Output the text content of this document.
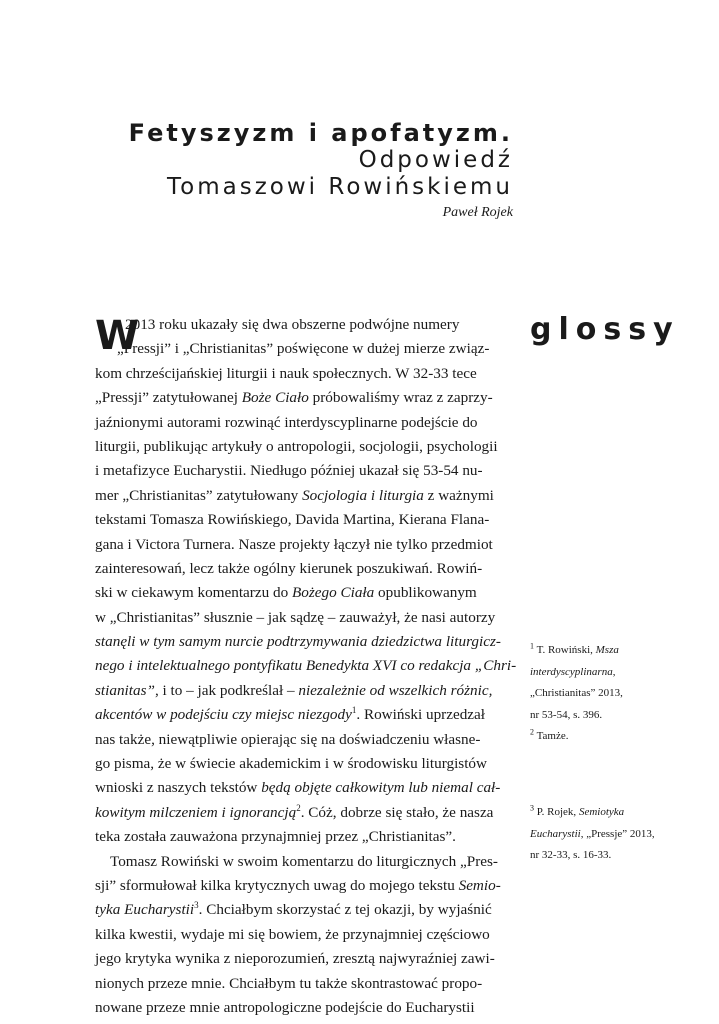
Fetyszyzm i apofatyzm.
Odpowiedź
Tomaszowi Rowińskiemu
Paweł Rojek
glossy
W
2013 roku ukazały się dwa obszerne podwójne numery
„Pressji” i „Christianitas” poświęcone w dużej mierze związ-
kom chrześcijańskiej liturgii i nauk społecznych. W 32-33 tece
„Pressji” zatytułowanej Boże Ciało próbowaliśmy wraz z zaprzy-
jaźnionymi autorami rozwinąć interdyscyplinarne podejście do
liturgii, publikując artykuły o antropologii, socjologii, psychologii
i metafizyce Eucharystii. Niedługo później ukazał się 53-54 nu-
mer „Christianitas” zatytułowany Socjologia i liturgia z ważnymi
tekstami Tomasza Rowińskiego, Davida Martina, Kierana Flana-
gana i Victora Turnera. Nasze projekty łączył nie tylko przedmiot
zainteresowań, lecz także ogólny kierunek poszukiwań. Rowiń-
ski w ciekawym komentarzu do Bożego Ciała opublikowanym
w „Christianitas” słusznie – jak sądzę – zauważył, że nasi autorzy
stanęli w tym samym nurcie podtrzymywania dziedzictwa liturgicz-
nego i intelektualnego pontyfikatu Benedykta XVI co redakcja „Chri-
stianitas”, i to – jak podkreślał – niezależnie od wszelkich różnic,
akcentów w podejściu czy miejsc niezgody$^1$. Rowiński uprzedzał
nas także, niewątpliwie opierając się na doświadczeniu własne-
go pisma, że w świecie akademickim i w środowisku liturgistów
wnioski z naszych tekstów będą objęte całkowitym lub niemal cał-
kowitym milczeniem i ignorancją$^2$. Cóż, dobrze się stało, że nasza
teka została zauważona przynajmniej przez „Christianitas”.
Tomasz Rowiński w swoim komentarzu do liturgicznych „Pres-
sji” sformułował kilka krytycznych uwag do mojego tekstu Semio-
tyka Eucharystii$^3$. Chciałbym skorzystać z tej okazji, by wyjaśnić
kilka kwestii, wydaje mi się bowiem, że przynajmniej częściowo
jego krytyka wynika z nieporozumień, zresztą najwyraźniej zawi-
nionych przeze mnie. Chciałbym tu także skontrastować propo-
nowane przeze mnie antropologiczne podejście do Eucharystii
$^1$ T. Rowiński, Msza
interdyscyplinarna,
„Christianitas” 2013,
nr 53-54, s. 396.
$^2$ Tamże.
$^3$ P. Rojek, Semiotyka
Eucharystii, „Pressje” 2013,
nr 32-33, s. 16-33.
